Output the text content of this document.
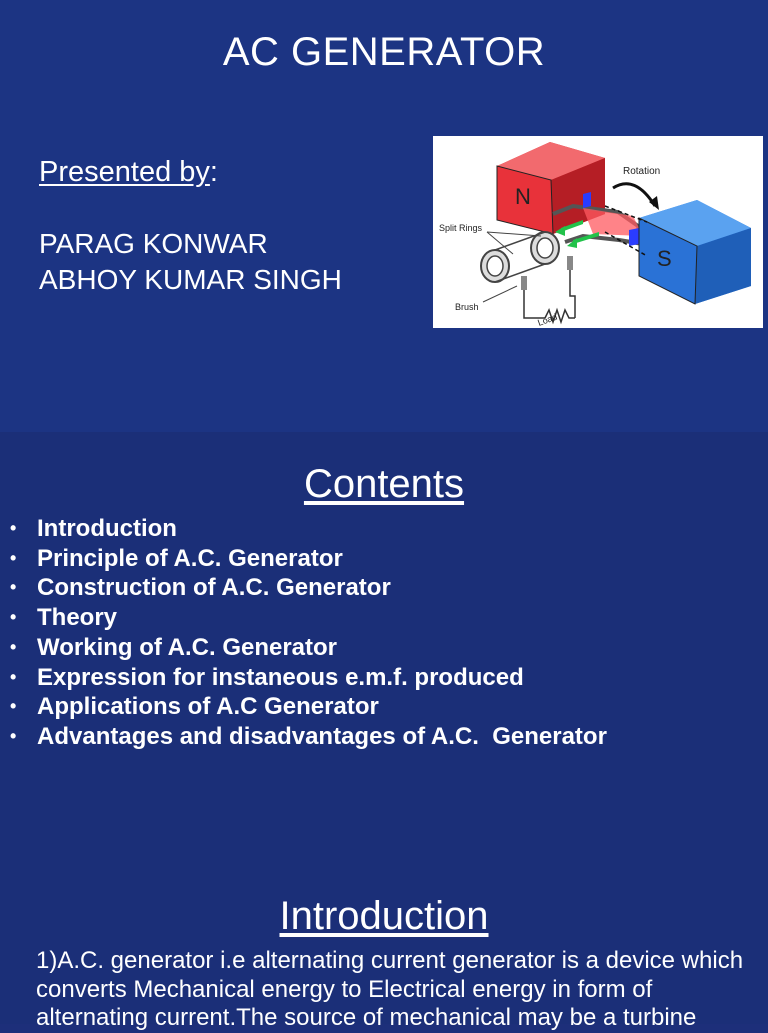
AC GENERATOR
Presented by:
PARAG KONWAR
ABHOY KUMAR SINGH
N
S
Rotation
Split Rings
Brush
Load
Contents
• Introduction
• Principle of A.C. Generator
• Construction of A.C. Generator
• Theory
• Working of A.C. Generator
• Expression for instaneous e.m.f. produced
• Applications of A.C Generator
• Advantages and disadvantages of A.C.  Generator
Introduction
1)A.C. generator i.e alternating current generator is a device which converts Mechanical energy to Electrical energy in form of alternating current.The source of mechanical may be a turbine
